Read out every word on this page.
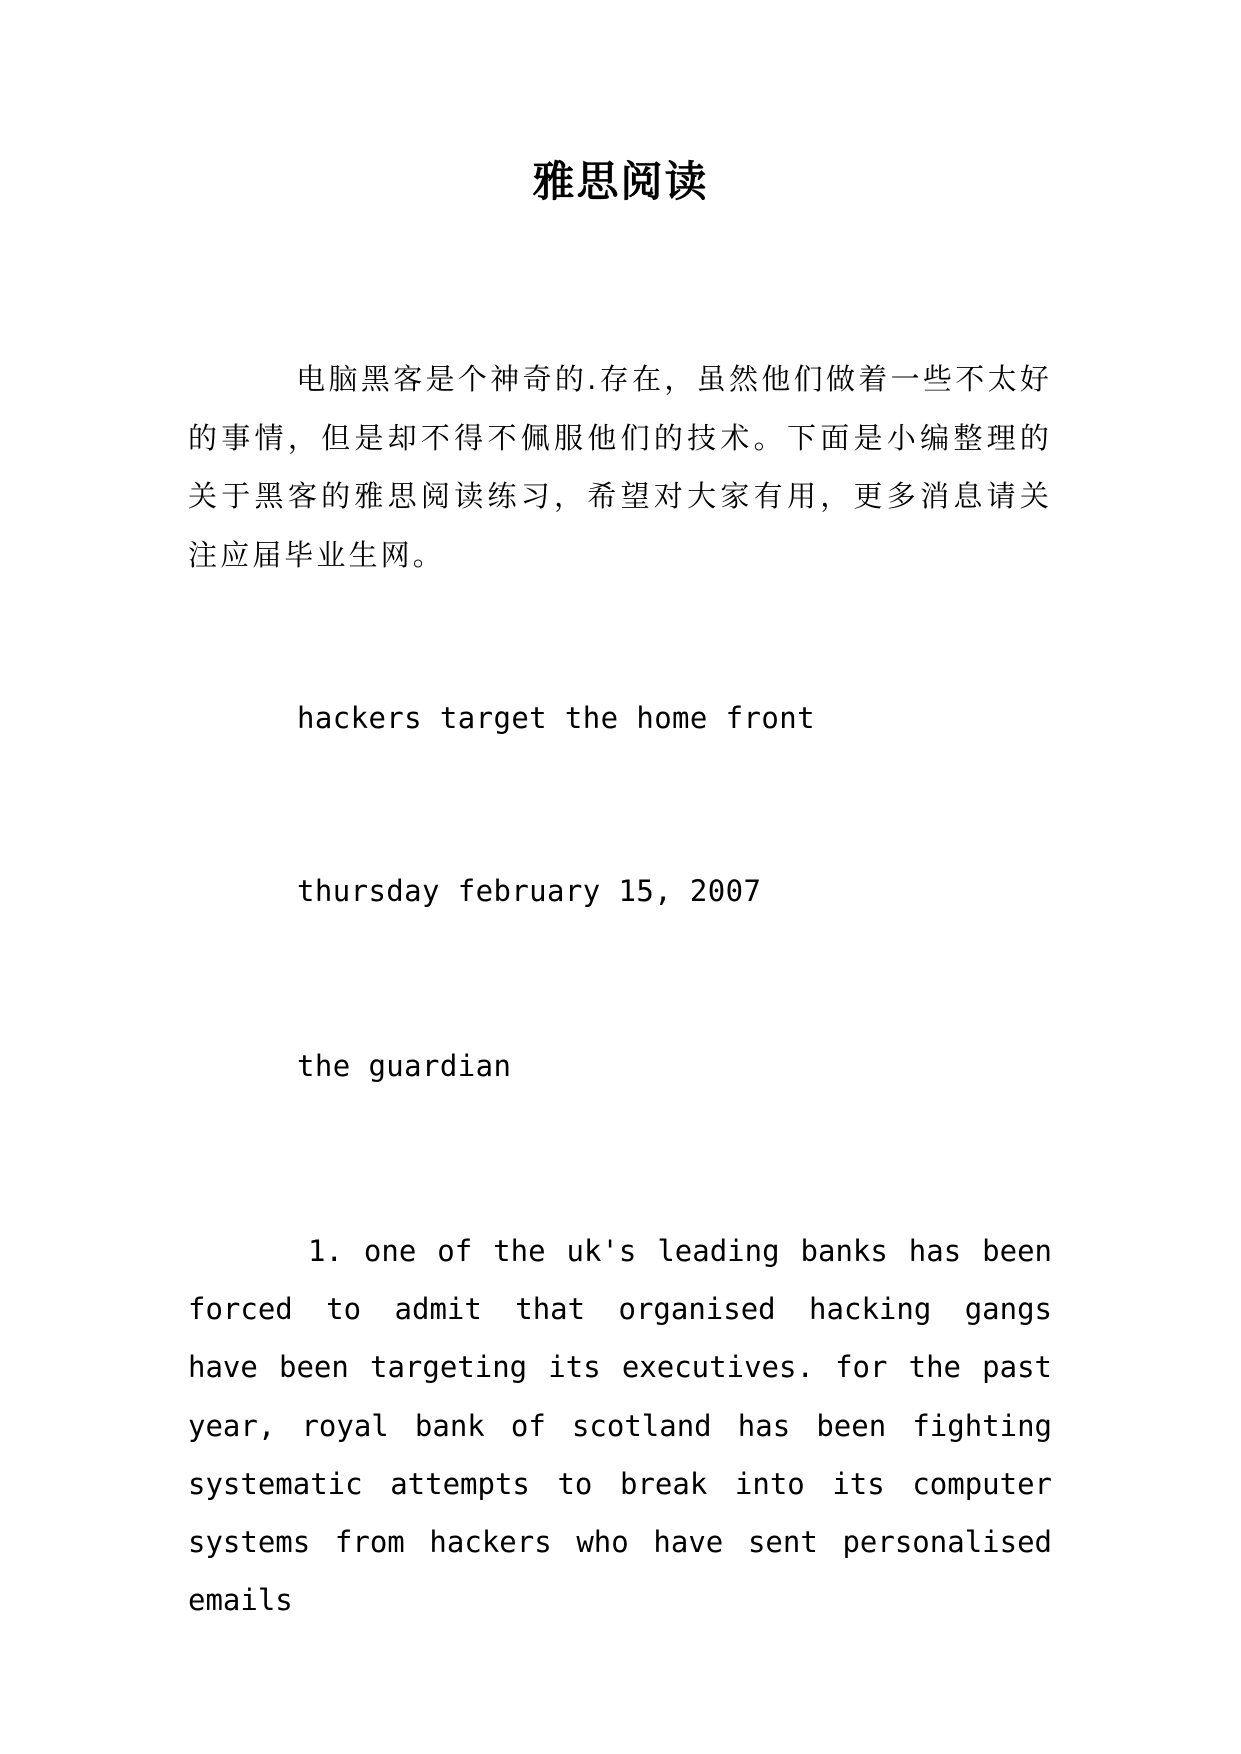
雅思阅读

电脑黑客是个神奇的.存在，虽然他们做着一些不太好的事情，但是却不得不佩服他们的技术。下面是小编整理的关于黑客的雅思阅读练习，希望对大家有用，更多消息请关注应届毕业生网。

hackers target the home front

thursday february 15, 2007

the guardian

1. one of the uk's leading banks has been forced to admit that organised hacking gangs have been targeting its executives. for the past year, royal bank of scotland has been fighting systematic attempts to break into its computer systems from hackers who have sent personalised emails
